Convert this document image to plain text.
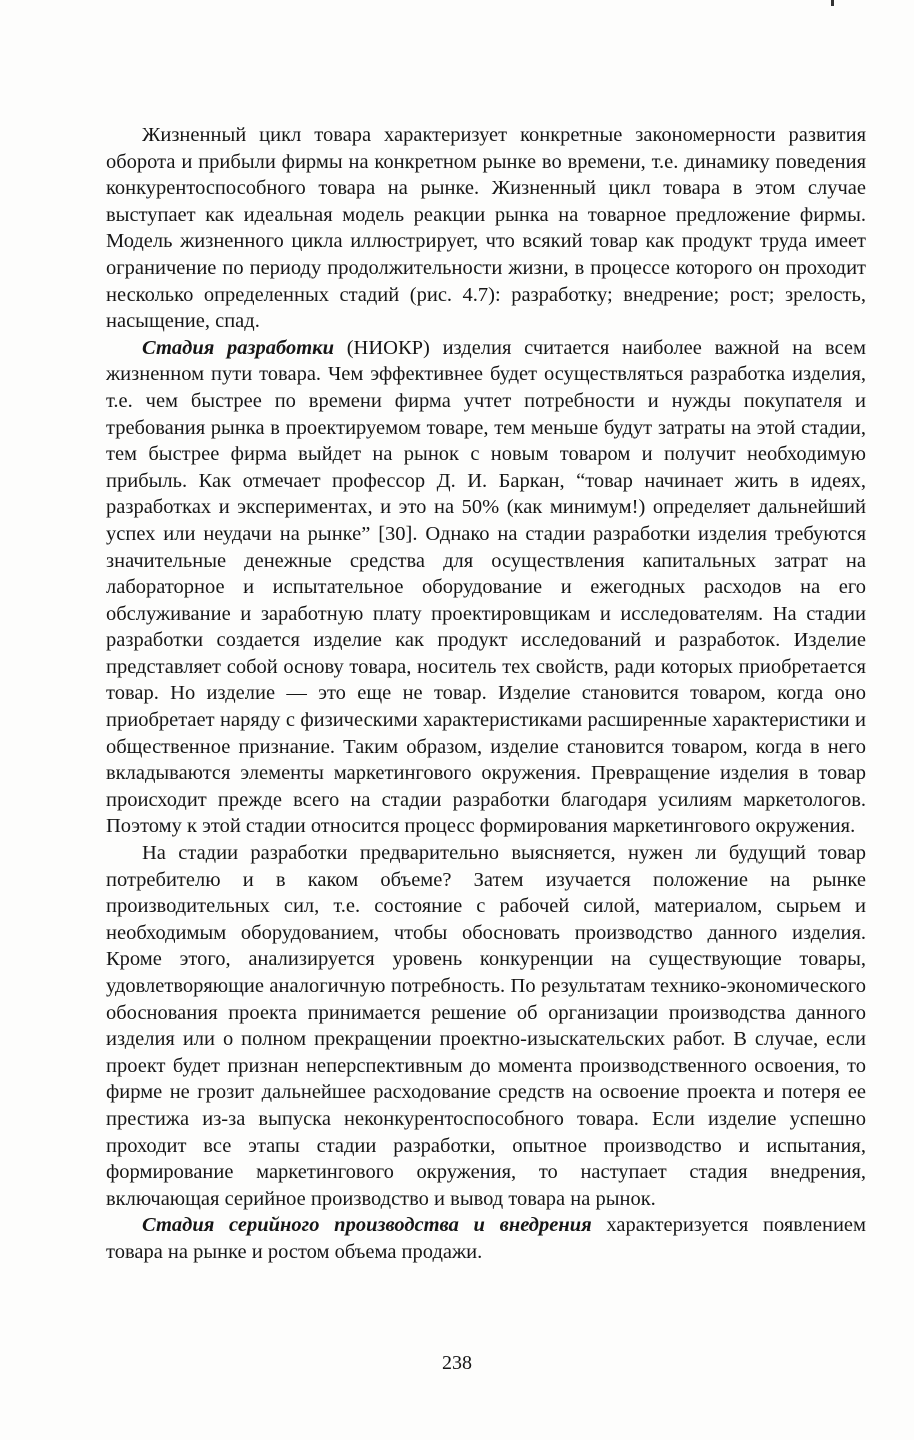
Жизненный цикл товара характеризует конкретные закономерности развития оборота и прибыли фирмы на конкретном рынке во времени, т.е. динамику поведения конкурентоспособного товара на рынке. Жизненный цикл товара в этом случае выступает как идеальная модель реакции рынка на товарное предложение фирмы. Модель жизненного цикла иллюстрирует, что всякий товар как продукт труда имеет ограничение по периоду продолжительности жизни, в процессе которого он проходит несколько определенных стадий (рис. 4.7): разработку; внедрение; рост; зрелость, насыщение, спад.

Стадия разработки (НИОКР) изделия считается наиболее важной на всем жизненном пути товара. Чем эффективнее будет осуществляться разработка изделия, т.е. чем быстрее по времени фирма учтет потребности и нужды покупателя и требования рынка в проектируемом товаре, тем меньше будут затраты на этой стадии, тем быстрее фирма выйдет на рынок с новым товаром и получит необходимую прибыль. Как отмечает профессор Д. И. Баркан, “товар начинает жить в идеях, разработках и экспериментах, и это на 50% (как минимум!) определяет дальнейший успех или неудачи на рынке” [30]. Однако на стадии разработки изделия требуются значительные денежные средства для осуществления капитальных затрат на лабораторное и испытательное оборудование и ежегодных расходов на его обслуживание и заработную плату проектировщикам и исследователям. На стадии разработки создается изделие как продукт исследований и разработок. Изделие представляет собой основу товара, носитель тех свойств, ради которых приобретается товар. Но изделие — это еще не товар. Изделие становится товаром, когда оно приобретает наряду с физическими характеристиками расширенные характеристики и общественное признание. Таким образом, изделие становится товаром, когда в него вкладываются элементы маркетингового окружения. Превращение изделия в товар происходит прежде всего на стадии разработки благодаря усилиям маркетологов. Поэтому к этой стадии относится процесс формирования маркетингового окружения.

На стадии разработки предварительно выясняется, нужен ли будущий товар потребителю и в каком объеме? Затем изучается положение на рынке производительных сил, т.е. состояние с рабочей силой, материалом, сырьем и необходимым оборудованием, чтобы обосновать производство данного изделия. Кроме этого, анализируется уровень конкуренции на существующие товары, удовлетворяющие аналогичную потребность. По результатам технико-экономического обоснования проекта принимается решение об организации производства данного изделия или о полном прекращении проектно-изыскательских работ. В случае, если проект будет признан неперспективным до момента производственного освоения, то фирме не грозит дальнейшее расходование средств на освоение проекта и потеря ее престижа из-за выпуска неконкурентоспособного товара. Если изделие успешно проходит все этапы стадии разработки, опытное производство и испытания, формирование маркетингового окружения, то наступает стадия внедрения, включающая серийное производство и вывод товара на рынок.

Стадия серийного производства и внедрения характеризуется появлением товара на рынке и ростом объема продажи.

238
